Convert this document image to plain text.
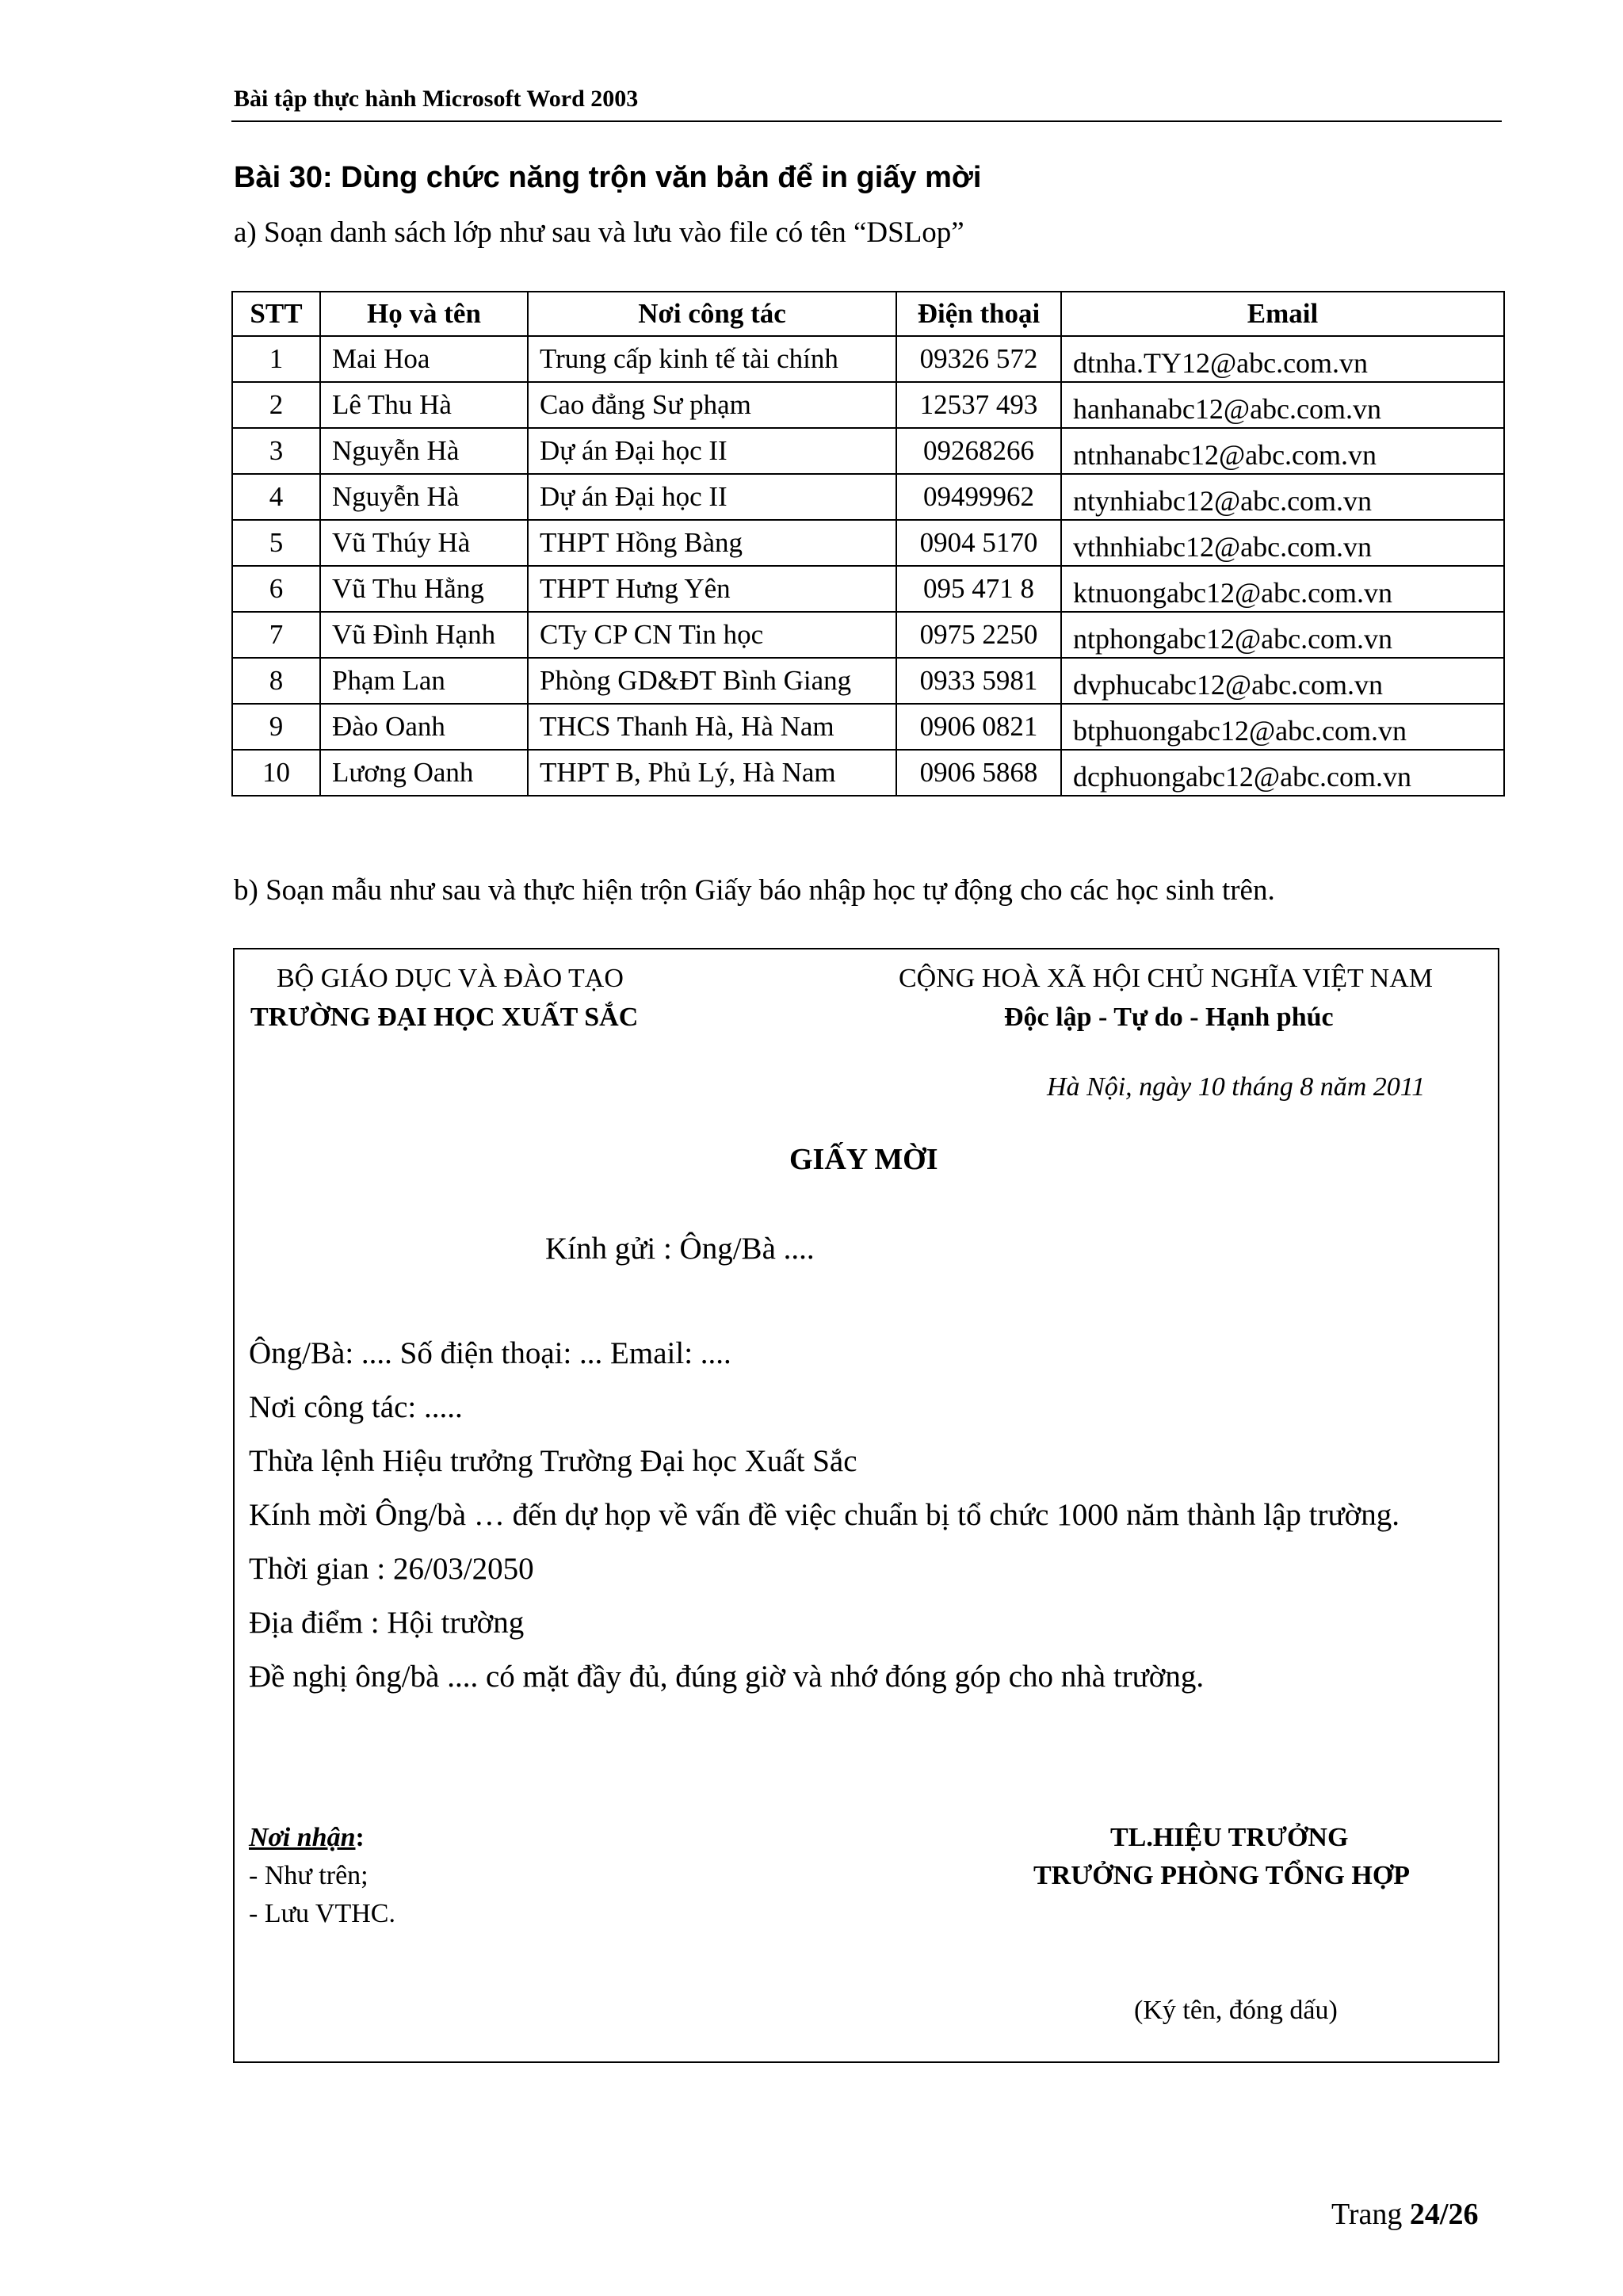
Bài tập thực hành Microsoft Word 2003
Bài 30: Dùng chức năng trộn văn bản để in giấy mời
a) Soạn danh sách lớp như sau và lưu vào file có tên “DSLop”
STT	Họ và tên	Nơi công tác	Điện thoại	Email
1	Mai Hoa	Trung cấp kinh tế tài chính	09326 572	dtnha.TY12@abc.com.vn
2	Lê Thu Hà	Cao đẳng Sư phạm	12537 493	hanhanabc12@abc.com.vn
3	Nguyễn Hà	Dự án Đại học II	09268266	ntnhanabc12@abc.com.vn
4	Nguyễn Hà	Dự án Đại học II	09499962	ntynhiabc12@abc.com.vn
5	Vũ Thúy Hà	THPT Hồng Bàng	0904 5170	vthnhiabc12@abc.com.vn
6	Vũ Thu Hằng	THPT Hưng Yên	095 471 8	ktnuongabc12@abc.com.vn
7	Vũ Đình Hạnh	CTy CP CN Tin học	0975 2250	ntphongabc12@abc.com.vn
8	Phạm Lan	Phòng GD&ĐT Bình Giang	0933 5981	dvphucabc12@abc.com.vn
9	Đào Oanh	THCS Thanh Hà, Hà Nam	0906 0821	btphuongabc12@abc.com.vn
10	Lương Oanh	THPT B, Phủ Lý, Hà Nam	0906 5868	dcphuongabc12@abc.com.vn
b) Soạn mẫu như sau và thực hiện trộn Giấy báo nhập học tự động cho các học sinh trên.
BỘ GIÁO DỤC VÀ ĐÀO TẠO
TRƯỜNG ĐẠI HỌC XUẤT SẮC
CỘNG HOÀ XÃ HỘI CHỦ NGHĨA VIỆT NAM
Độc lập - Tự do - Hạnh phúc
Hà Nội, ngày 10 tháng 8 năm 2011
GIẤY MỜI
Kính gửi : Ông/Bà ....
Ông/Bà: .... Số điện thoại: ... Email: ....
Nơi công tác: .....
Thừa lệnh Hiệu trưởng Trường Đại học Xuất Sắc
Kính mời Ông/bà … đến dự họp về vấn đề việc chuẩn bị tổ chức 1000 năm thành lập trường.
Thời gian : 26/03/2050
Địa điểm : Hội trường
Đề nghị ông/bà .... có mặt đầy đủ, đúng giờ và nhớ đóng góp cho nhà trường.
Nơi nhận:
- Như trên;
- Lưu VTHC.
TL.HIỆU TRƯỞNG
TRƯỞNG PHÒNG TỔNG HỢP
(Ký tên, đóng dấu)
Trang 24/26
